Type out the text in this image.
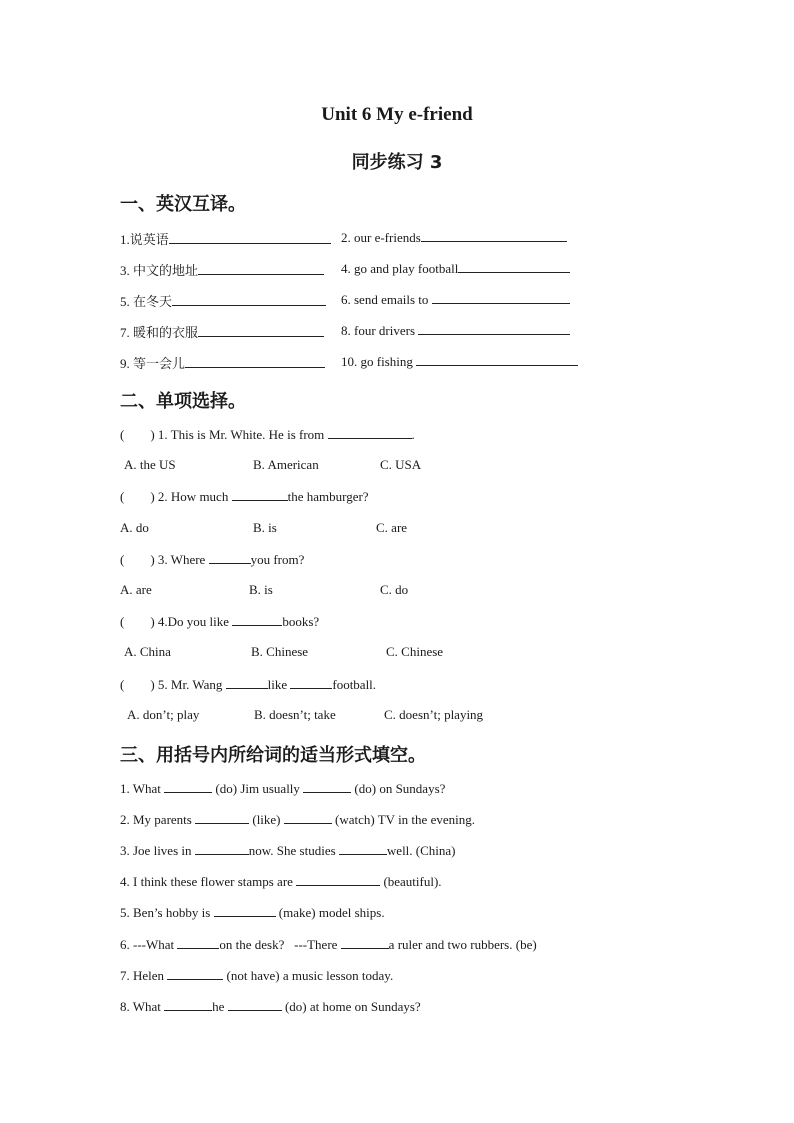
Unit 6 My e-friend
同步练习 3
一、英汉互译。
1.说英语	2. our e-friends
3. 中文的地址	4. go and play football
5. 在冬天	6. send emails to
7. 暖和的衣服	8. four drivers
9. 等一会儿	10. go fishing
二、单项选择。
(        ) 1. This is Mr. White. He is from	.
A. the US	B. American	C. USA
(        ) 2. How much	the hamburger?
A. do	B. is	C. are
(        ) 3. Where	you from?
A. are	B. is	C. do
(        ) 4.Do you like	books?
A. China	B. Chinese	C. Chinese
(        ) 5. Mr. Wang	like	football.
A. don’t; play	B. doesn’t; take	C. doesn’t; playing
三、用括号内所给词的适当形式填空。
1. What	(do) Jim usually	(do) on Sundays?
2. My parents	(like)	(watch) TV in the evening.
3. Joe lives in	now. She studies	well. (China)
4. I think these flower stamps are	(beautiful).
5. Ben’s hobby is	(make) model ships.
6. ---What	on the desk?   ---There	a ruler and two rubbers. (be)
7. Helen	(not have) a music lesson today.
8. What	he	(do) at home on Sundays?
